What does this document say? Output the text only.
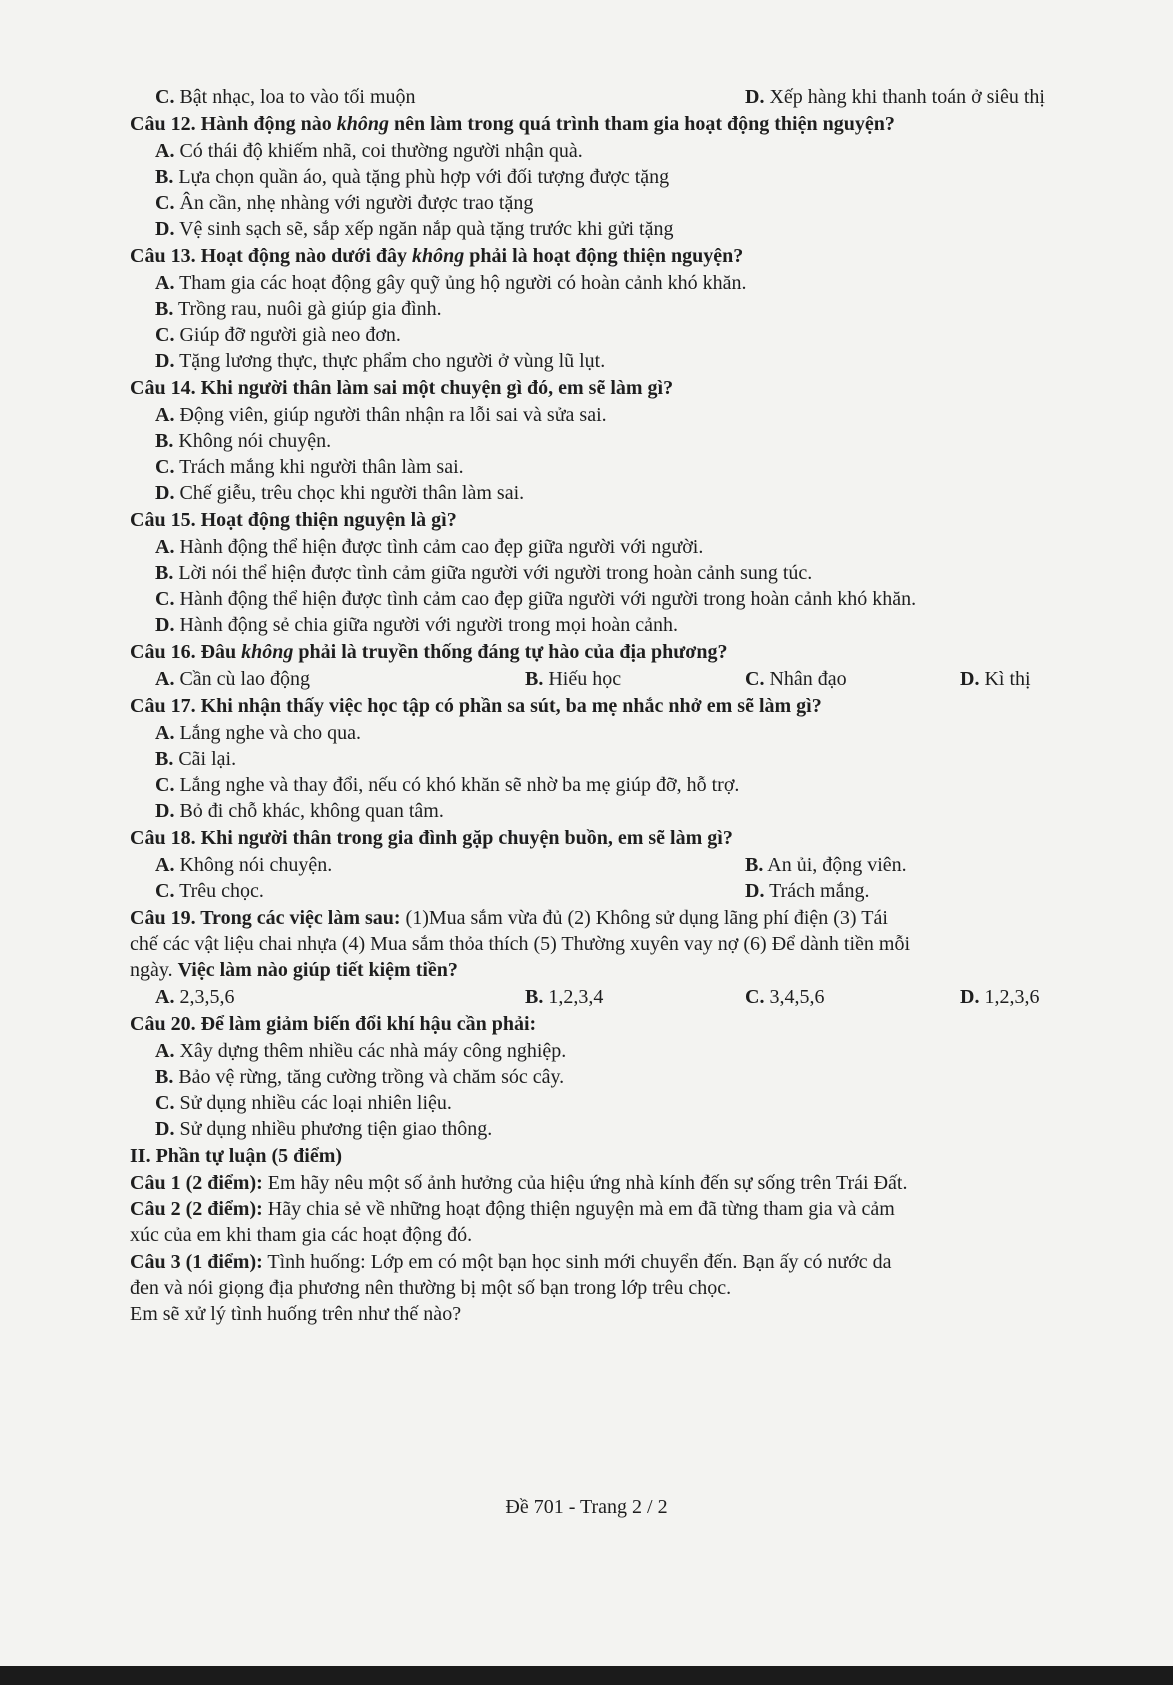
C. Bật nhạc, loa to vào tối muộn	D. Xếp hàng khi thanh toán ở siêu thị
Câu 12. Hành động nào không nên làm trong quá trình tham gia hoạt động thiện nguyện?
A. Có thái độ khiếm nhã, coi thường người nhận quà.
B. Lựa chọn quần áo, quà tặng phù hợp với đối tượng được tặng
C. Ân cần, nhẹ nhàng với người được trao tặng
D. Vệ sinh sạch sẽ, sắp xếp ngăn nắp quà tặng trước khi gửi tặng
Câu 13. Hoạt động nào dưới đây không phải là hoạt động thiện nguyện?
A. Tham gia các hoạt động gây quỹ ủng hộ người có hoàn cảnh khó khăn.
B. Trồng rau, nuôi gà giúp gia đình.
C. Giúp đỡ người già neo đơn.
D. Tặng lương thực, thực phẩm cho người ở vùng lũ lụt.
Câu 14. Khi người thân làm sai một chuyện gì đó, em sẽ làm gì?
A. Động viên, giúp người thân nhận ra lỗi sai và sửa sai.
B. Không nói chuyện.
C. Trách mắng khi người thân làm sai.
D. Chế giễu, trêu chọc khi người thân làm sai.
Câu 15. Hoạt động thiện nguyện là gì?
A. Hành động thể hiện được tình cảm cao đẹp giữa người với người.
B. Lời nói thể hiện được tình cảm giữa người với người trong hoàn cảnh sung túc.
C. Hành động thể hiện được tình cảm cao đẹp giữa người với người trong hoàn cảnh khó khăn.
D. Hành động sẻ chia giữa người với người trong mọi hoàn cảnh.
Câu 16. Đâu không phải là truyền thống đáng tự hào của địa phương?
A. Cần cù lao động	B. Hiếu học	C. Nhân đạo	D. Kì thị
Câu 17. Khi nhận thấy việc học tập có phần sa sút, ba mẹ nhắc nhở em sẽ làm gì?
A. Lắng nghe và cho qua.
B. Cãi lại.
C. Lắng nghe và thay đổi, nếu có khó khăn sẽ nhờ ba mẹ giúp đỡ, hỗ trợ.
D. Bỏ đi chỗ khác, không quan tâm.
Câu 18. Khi người thân trong gia đình gặp chuyện buồn, em sẽ làm gì?
A. Không nói chuyện.	B. An ủi, động viên.
C. Trêu chọc.	D. Trách mắng.
Câu 19. Trong các việc làm sau: (1)Mua sắm vừa đủ (2) Không sử dụng lãng phí điện (3) Tái
chế các vật liệu chai nhựa (4) Mua sắm thỏa thích (5) Thường xuyên vay nợ (6) Để dành tiền mỗi
ngày. Việc làm nào giúp tiết kiệm tiền?
A. 2,3,5,6	B. 1,2,3,4	C. 3,4,5,6	D. 1,2,3,6
Câu 20. Để làm giảm biến đổi khí hậu cần phải:
A. Xây dựng thêm nhiều các nhà máy công nghiệp.
B. Bảo vệ rừng, tăng cường trồng và chăm sóc cây.
C. Sử dụng nhiều các loại nhiên liệu.
D. Sử dụng nhiều phương tiện giao thông.
II. Phần tự luận (5 điểm)
Câu 1 (2 điểm): Em hãy nêu một số ảnh hưởng của hiệu ứng nhà kính đến sự sống trên Trái Đất.
Câu 2 (2 điểm): Hãy chia sẻ về những hoạt động thiện nguyện mà em đã từng tham gia và cảm
xúc của em khi tham gia các hoạt động đó.
Câu 3 (1 điểm): Tình huống: Lớp em có một bạn học sinh mới chuyển đến. Bạn ấy có nước da
đen và nói giọng địa phương nên thường bị một số bạn trong lớp trêu chọc.
Em sẽ xử lý tình huống trên như thế nào?
Đề 701 - Trang 2 / 2
